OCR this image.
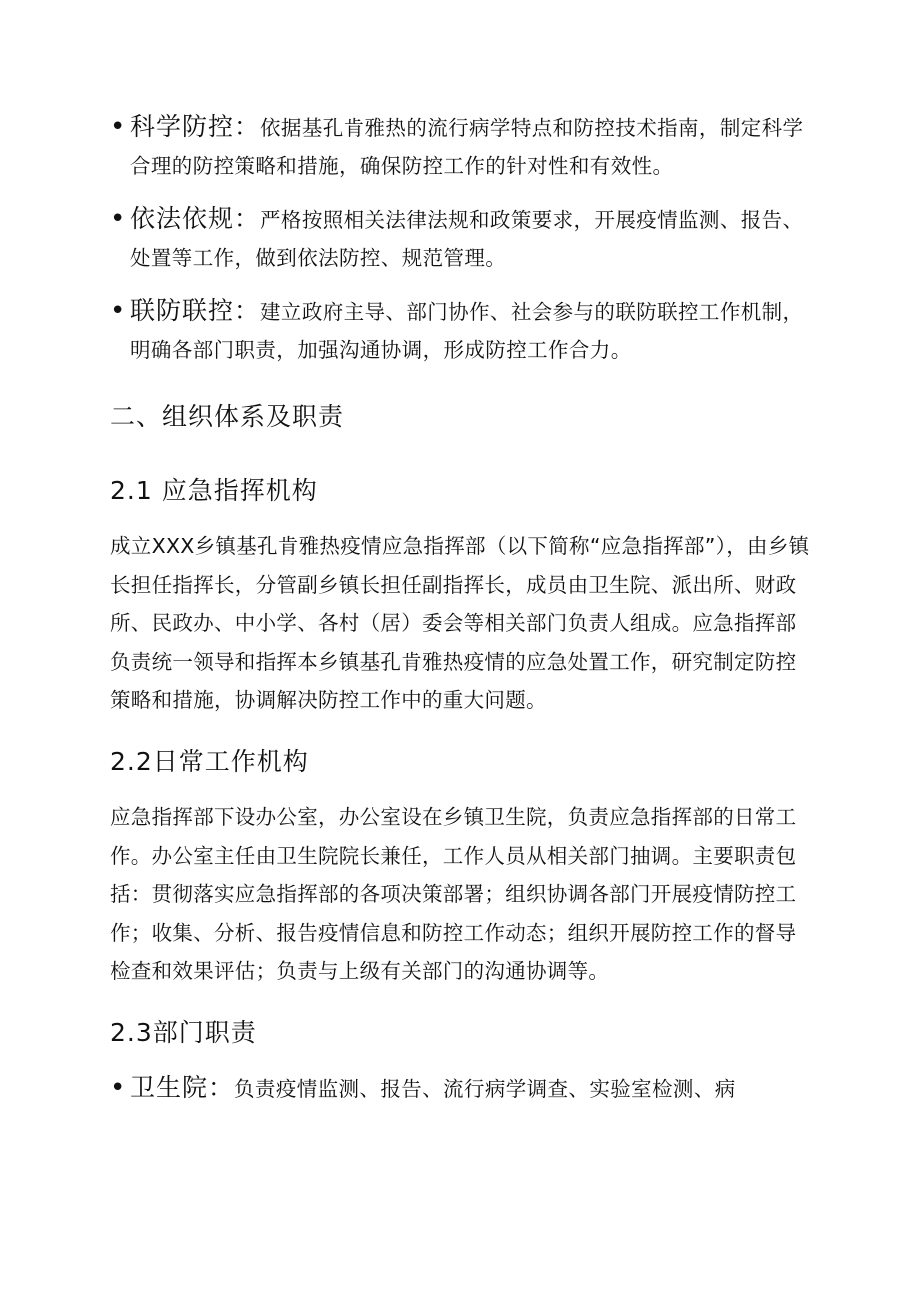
• 科学防控：依据基孔肯雅热的流行病学特点和防控技术指南，制定科学合理的防控策略和措施，确保防控工作的针对性和有效性。
• 依法依规：严格按照相关法律法规和政策要求，开展疫情监测、报告、处置等工作，做到依法防控、规范管理。
• 联防联控：建立政府主导、部门协作、社会参与的联防联控工作机制，明确各部门职责，加强沟通协调，形成防控工作合力。
二、组织体系及职责
2.1 应急指挥机构

成立XXX乡镇基孔肯雅热疫情应急指挥部（以下简称“应急指挥部”），由乡镇长担任指挥长，分管副乡镇长担任副指挥长，成员由卫生院、派出所、财政所、民政办、中小学、各村（居）委会等相关部门负责人组成。应急指挥部负责统一领导和指挥本乡镇基孔肯雅热疫情的应急处置工作，研究制定防控策略和措施，协调解决防控工作中的重大问题。

2.2日常工作机构

应急指挥部下设办公室，办公室设在乡镇卫生院，负责应急指挥部的日常工作。办公室主任由卫生院院长兼任，工作人员从相关部门抽调。主要职责包括：贯彻落实应急指挥部的各项决策部署；组织协调各部门开展疫情防控工作；收集、分析、报告疫情信息和防控工作动态；组织开展防控工作的督导检查和效果评估；负责与上级有关部门的沟通协调等。

2.3部门职责
• 卫生院：负责疫情监测、报告、流行病学调查、实验室检测、病
